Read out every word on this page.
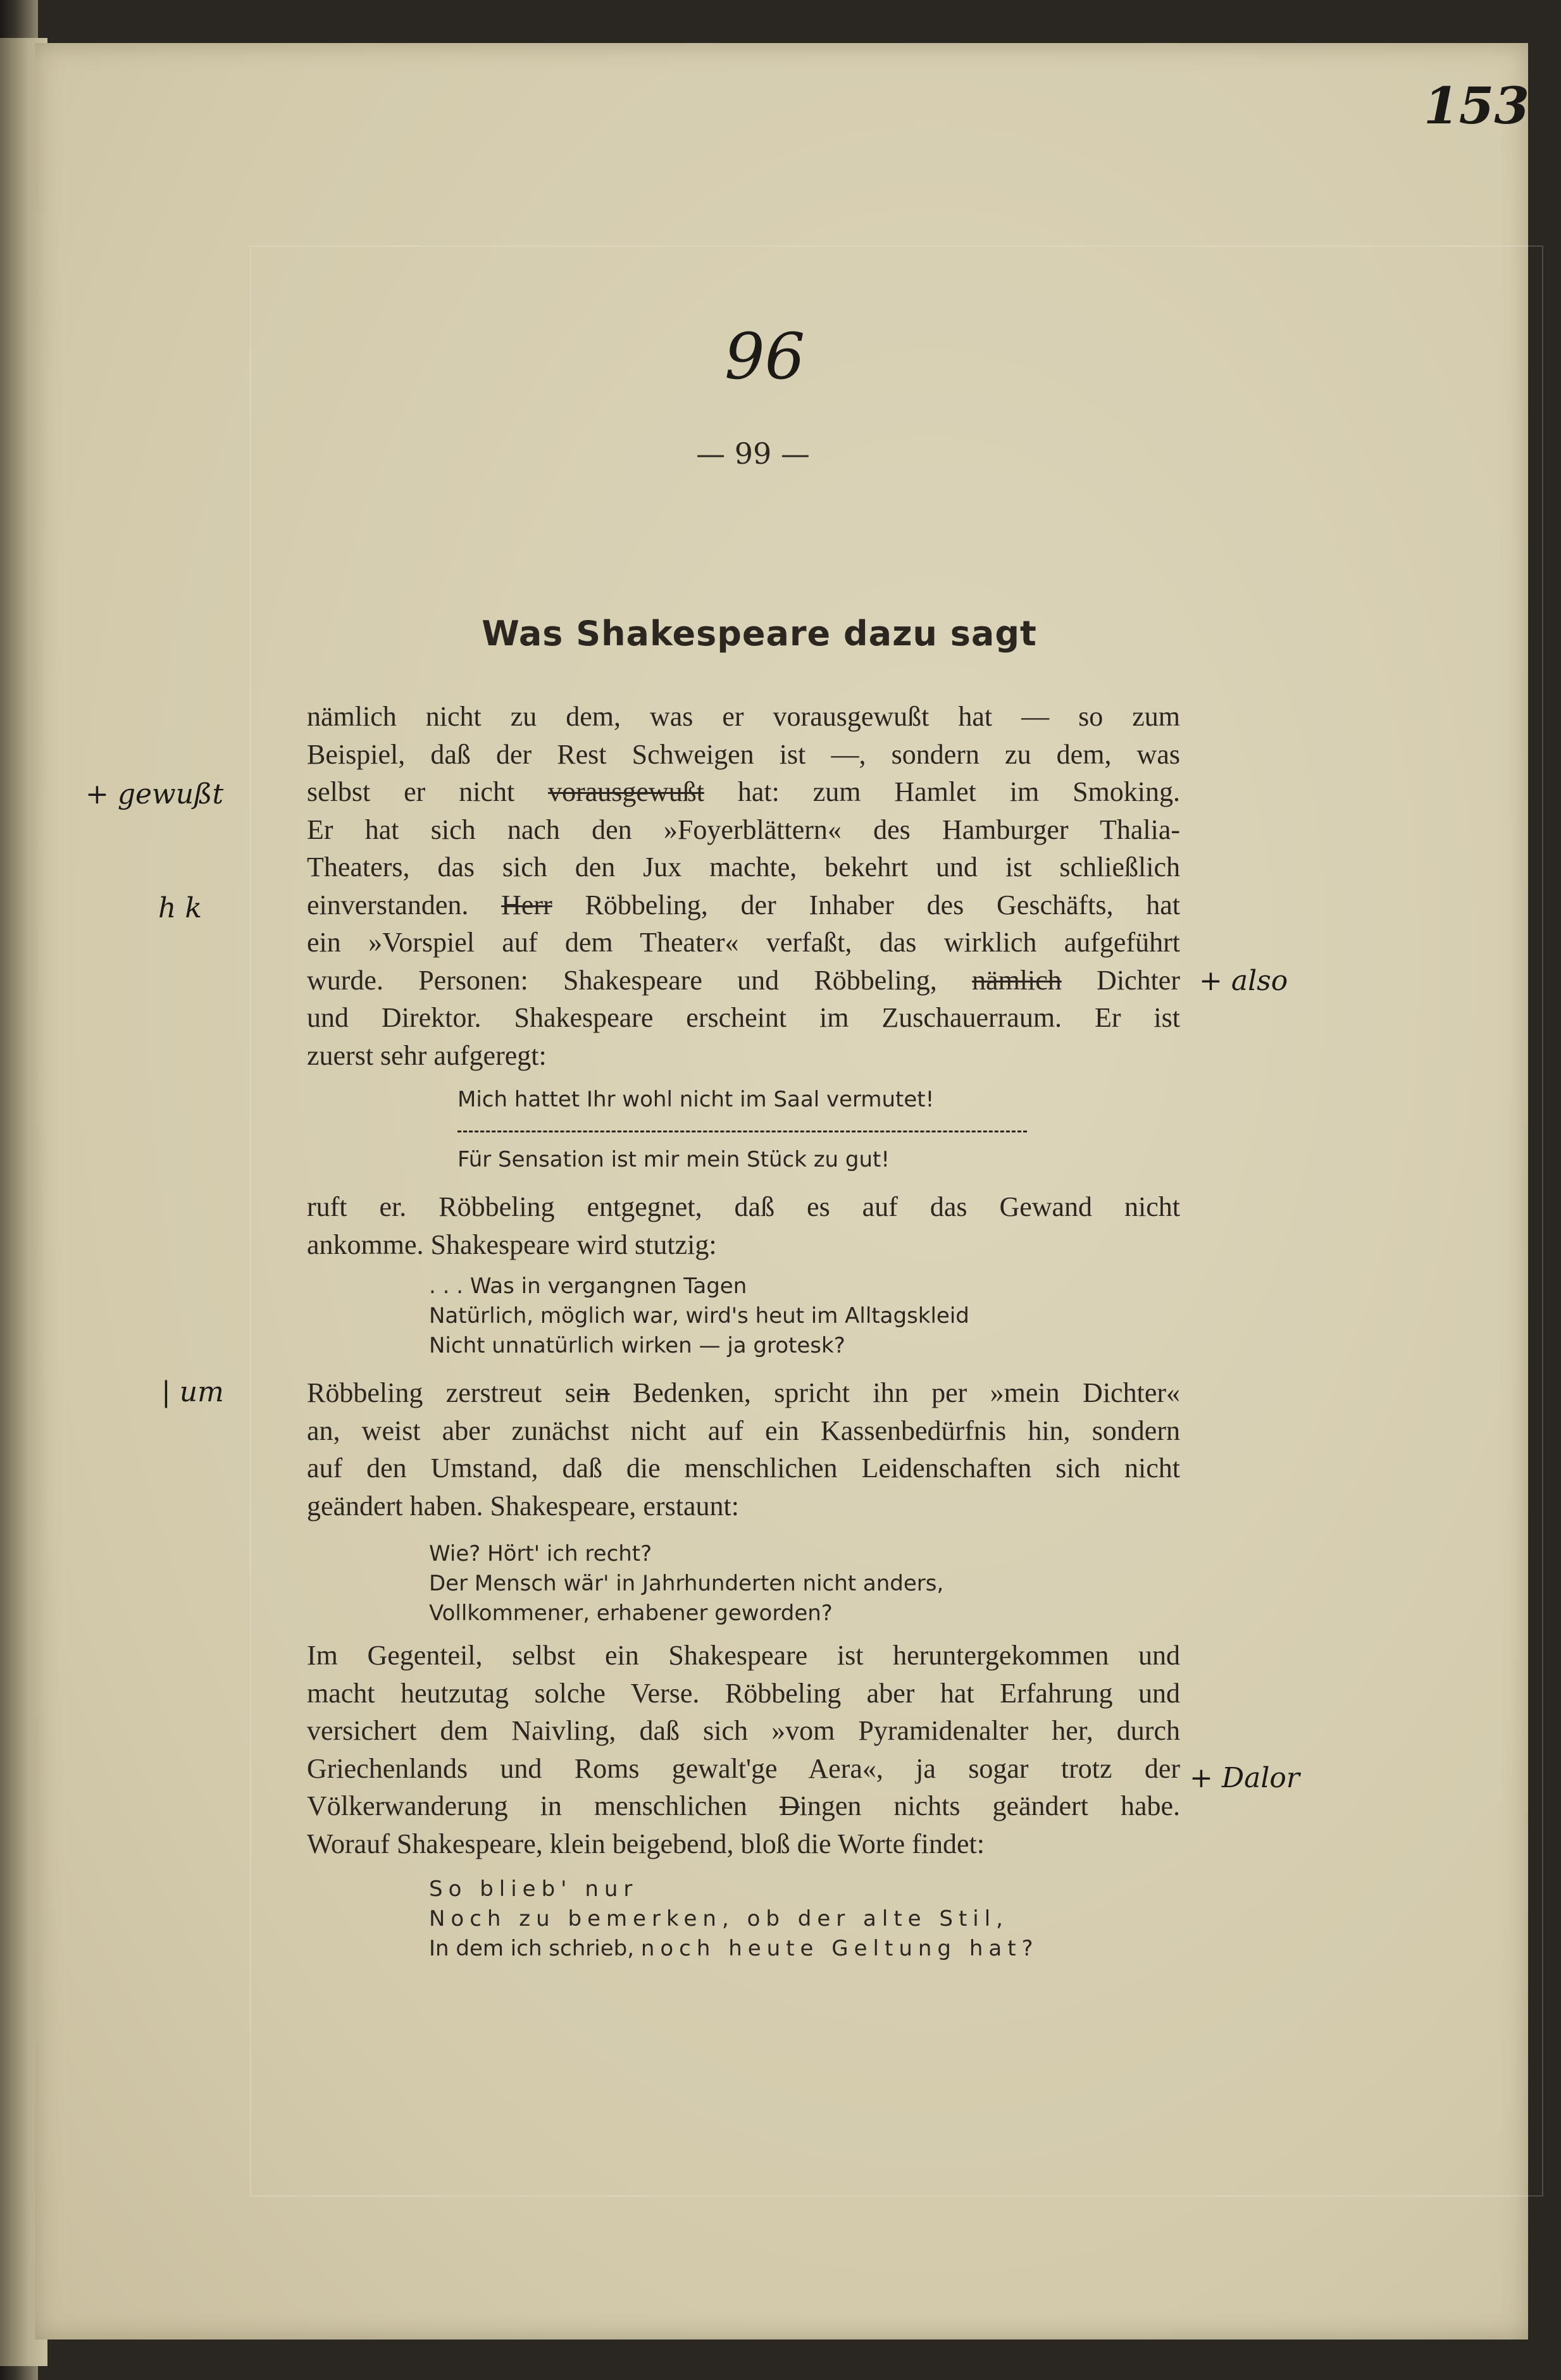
153
96
— 99 —
Was Shakespeare dazu sagt
nämlich nicht zu dem, was er vorausgewußt hat — so zum
Beispiel, daß der Rest Schweigen ist —, sondern zu dem, was
selbst er nicht vorausgewußt hat: zum Hamlet im Smoking.
Er hat sich nach den »Foyerblättern« des Hamburger Thalia-
Theaters, das sich den Jux machte, bekehrt und ist schließlich
einverstanden. Herr Röbbeling, der Inhaber des Geschäfts, hat
ein »Vorspiel auf dem Theater« verfaßt, das wirklich aufgeführt
wurde. Personen: Shakespeare und Röbbeling, nämlich Dichter
und Direktor. Shakespeare erscheint im Zuschauerraum. Er ist
zuerst sehr aufgeregt:
Mich hattet Ihr wohl nicht im Saal vermutet!
Für Sensation ist mir mein Stück zu gut!
ruft er. Röbbeling entgegnet, daß es auf das Gewand nicht
ankomme. Shakespeare wird stutzig:
. . . Was in vergangnen Tagen
Natürlich, möglich war, wird's heut im Alltagskleid
Nicht unnatürlich wirken — ja grotesk?
Röbbeling zerstreut sein Bedenken, spricht ihn per »mein Dichter«
an, weist aber zunächst nicht auf ein Kassenbedürfnis hin, sondern
auf den Umstand, daß die menschlichen Leidenschaften sich nicht
geändert haben. Shakespeare, erstaunt:
Wie? Hört' ich recht?
Der Mensch wär' in Jahrhunderten nicht anders,
Vollkommener, erhabener geworden?
Im Gegenteil, selbst ein Shakespeare ist heruntergekommen und
macht heutzutag solche Verse. Röbbeling aber hat Erfahrung und
versichert dem Naivling, daß sich »vom Pyramidenalter her, durch
Griechenlands und Roms gewalt'ge Aera«, ja sogar trotz der
Völkerwanderung in menschlichen Dingen nichts geändert habe.
Worauf Shakespeare, klein beigebend, bloß die Worte findet:
So blieb' nur
Noch zu bemerken, ob der alte Stil,
In dem ich schrieb, noch heute Geltung hat?
+ gewußt
h k
+ also
| um
+ Dalor
